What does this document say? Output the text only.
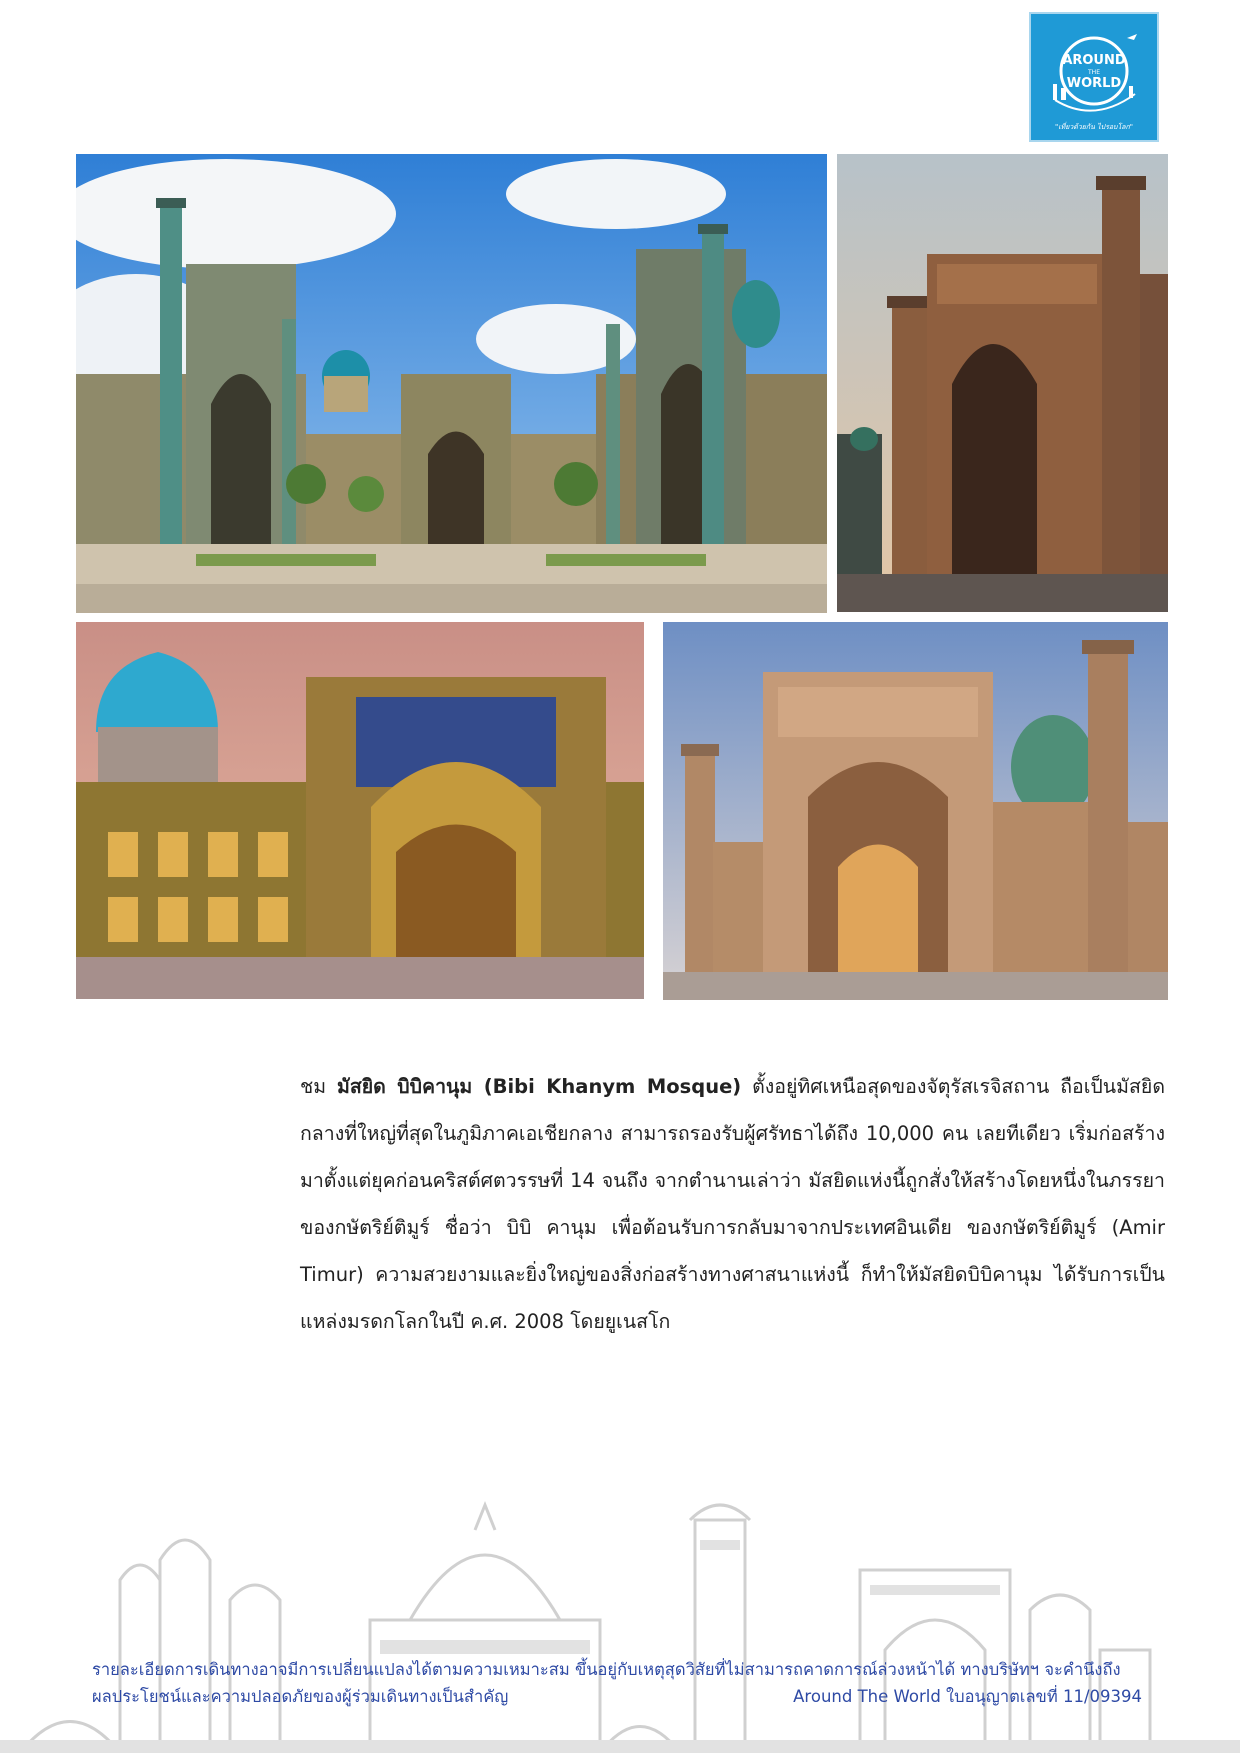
AROUND
THE
WORLD
"เที่ยวด้วยกัน ไปรอบโลก"
ชม มัสยิด บิบิคานุม (Bibi Khanym Mosque) ตั้งอยู่ทิศเหนือสุดของจัตุรัสเรจิสถาน ถือเป็นมัสยิดกลางที่ใหญ่ที่สุดในภูมิภาคเอเชียกลาง สามารถรองรับผู้ศรัทธาได้ถึง 10,000 คน เลยทีเดียว เริ่มก่อสร้างมาตั้งแต่ยุคก่อนคริสต์ศตวรรษที่ 14 จนถึง จากตำนานเล่าว่า มัสยิดแห่งนี้ถูกสั่งให้สร้างโดยหนึ่งในภรรยาของกษัตริย์ติมูร์ ชื่อว่า บิบิ คานุม เพื่อต้อนรับการกลับมาจากประเทศอินเดีย ของกษัตริย์ติมูร์ (Amir Timur) ความสวยงามและยิ่งใหญ่ของสิ่งก่อสร้างทางศาสนาแห่งนี้ ก็ทำให้มัสยิดบิบิคานุม ได้รับการเป็นแหล่งมรดกโลกในปี ค.ศ. 2008 โดยยูเนสโก
รายละเอียดการเดินทางอาจมีการเปลี่ยนแปลงได้ตามความเหมาะสม ขึ้นอยู่กับเหตุสุดวิสัยที่ไม่สามารถคาดการณ์ล่วงหน้าได้ ทางบริษัทฯ จะคำนึงถึง
ผลประโยชน์และความปลอดภัยของผู้ร่วมเดินทางเป็นสำคัญ	Around The World ใบอนุญาตเลขที่ 11/09394
